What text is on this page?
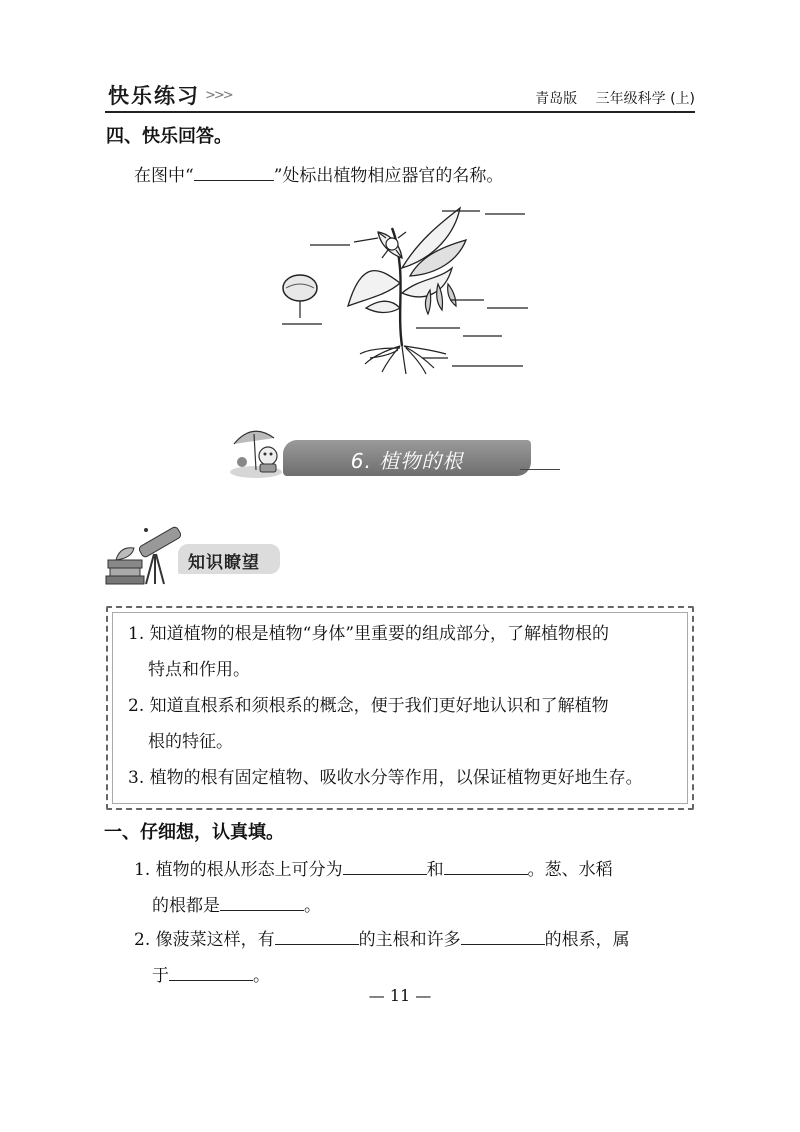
快乐练习 >>>	青岛版 三年级科学 (上)
四、快乐回答。
在图中“	”处标出植物相应器官的名称。
6. 植物的根
知识瞭望
1. 知道植物的根是植物“身体”里重要的组成部分，了解植物根的
特点和作用。
2. 知道直根系和须根系的概念，便于我们更好地认识和了解植物
根的特征。
3. 植物的根有固定植物、吸收水分等作用，以保证植物更好地生存。
一、仔细想，认真填。
1. 植物的根从形态上可分为	和	。葱、水稻
的根都是	。
2. 像菠菜这样，有	的主根和许多	的根系，属
于	。
— 11 —
